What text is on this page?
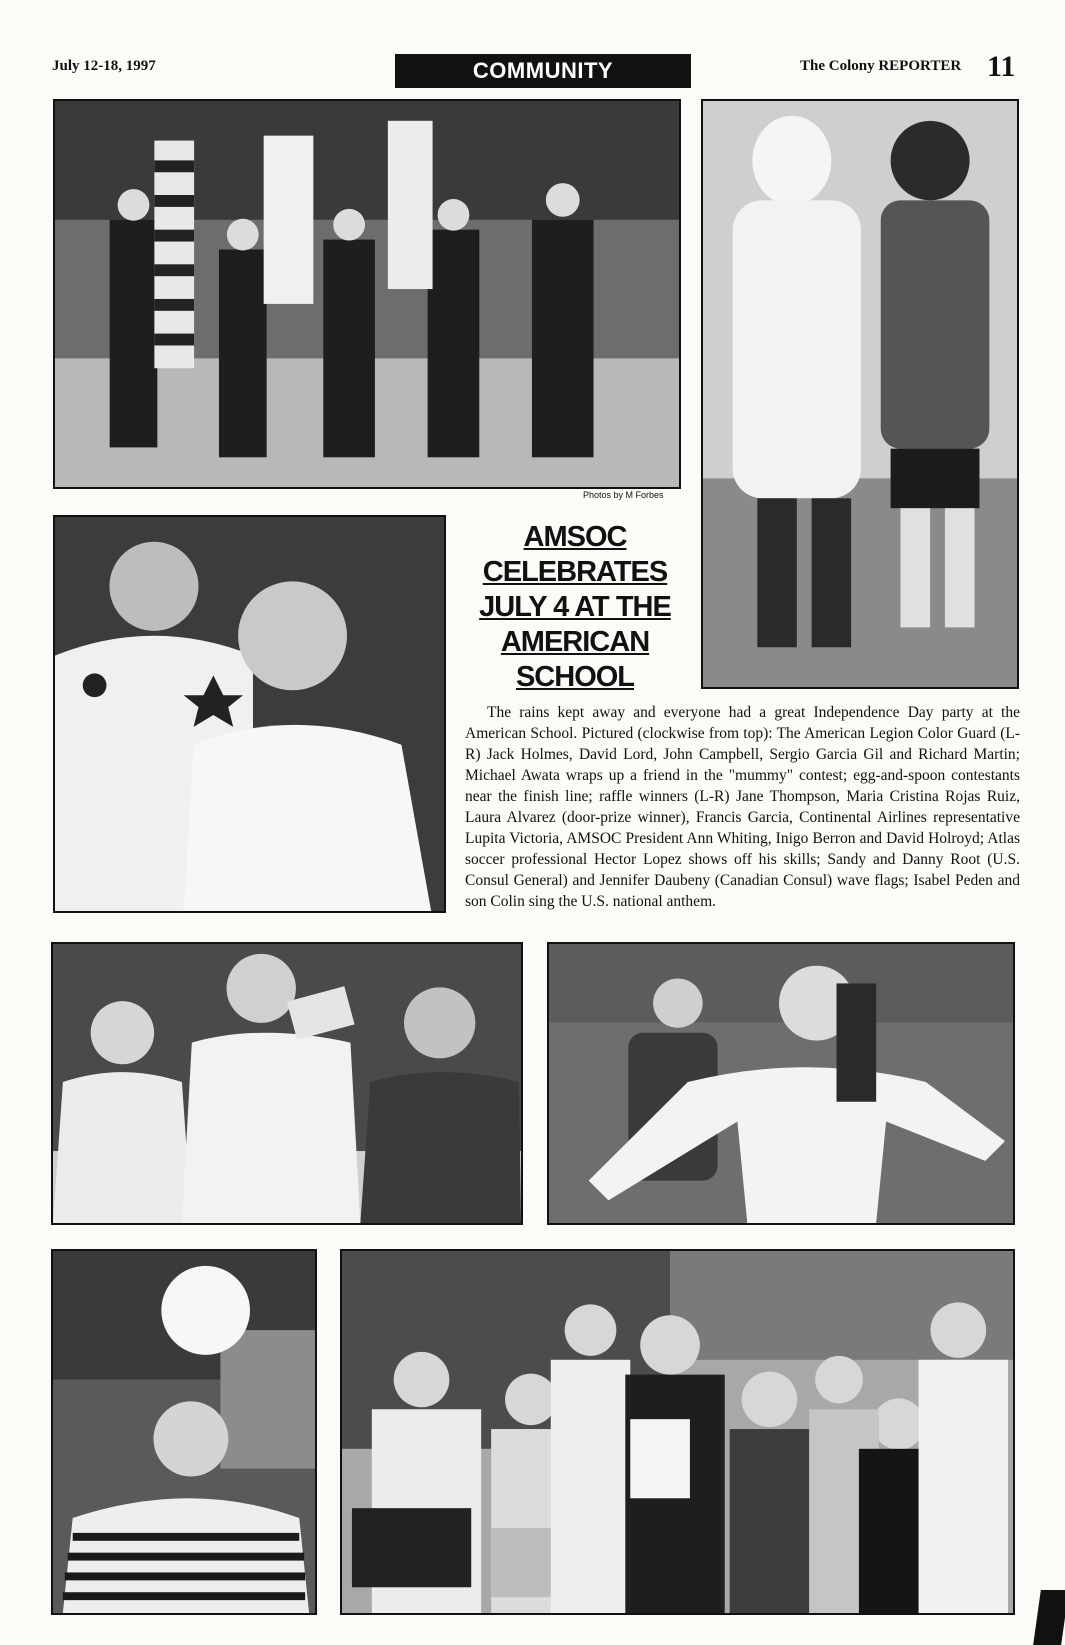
July 12-18, 1997	COMMUNITY	The Colony REPORTER 11
Photos by M Forbes
AMSOC CELEBRATES JULY 4 AT THE AMERICAN SCHOOL
The rains kept away and everyone had a great Independence Day party at the American School. Pictured (clockwise from top): The American Legion Color Guard (L-R) Jack Holmes, David Lord, John Campbell, Sergio Garcia Gil and Richard Martin; Michael Awata wraps up a friend in the "mummy" contest; egg-and-spoon contestants near the finish line; raffle winners (L-R) Jane Thompson, Maria Cristina Rojas Ruiz, Laura Alvarez (door-prize winner), Francis Garcia, Continental Airlines representative Lupita Victoria, AMSOC President Ann Whiting, Inigo Berron and David Holroyd; Atlas soccer professional Hector Lopez shows off his skills; Sandy and Danny Root (U.S. Consul General) and Jennifer Daubeny (Canadian Consul) wave flags; Isabel Peden and son Colin sing the U.S. national anthem.
